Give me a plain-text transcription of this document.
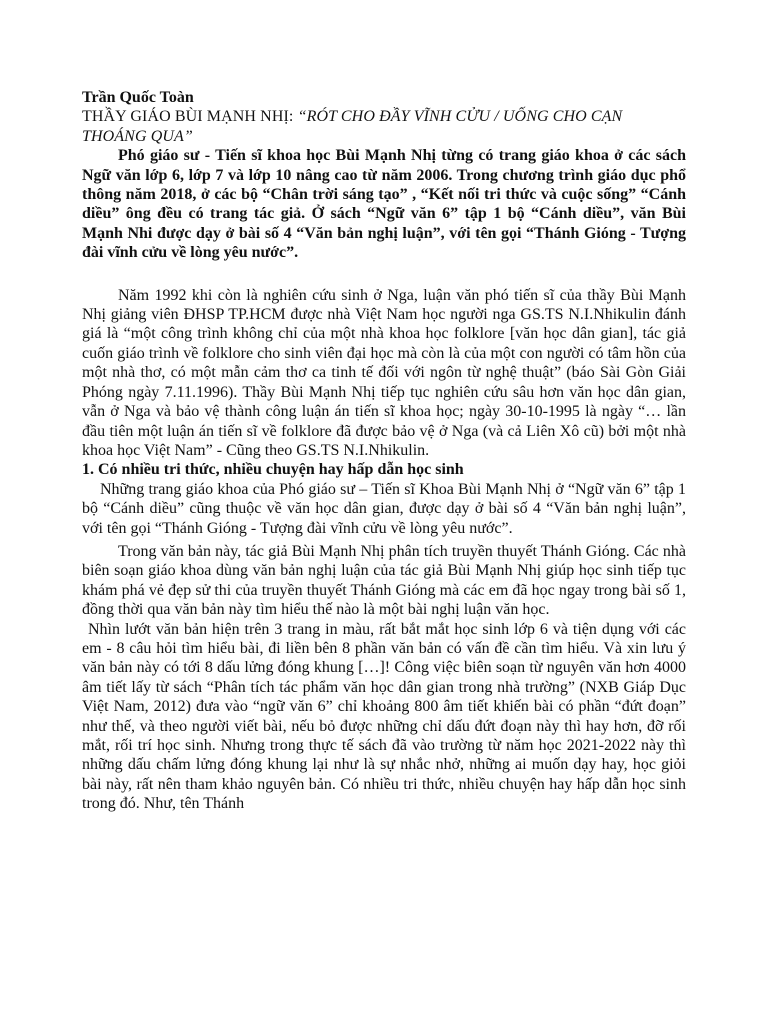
Trần Quốc Toàn

THẦY GIÁO BÙI MẠNH NHỊ: “RÓT CHO ĐẦY VĨNH CỬU / UỐNG CHO CẠN THOÁNG QUA”

Phó giáo sư - Tiến sĩ khoa học Bùi Mạnh Nhị từng có trang giáo khoa ở các sách Ngữ văn lớp 6, lớp 7 và lớp 10 nâng cao từ năm 2006. Trong chương trình giáo dục phổ thông năm 2018, ở các bộ “Chân trời sáng tạo” , “Kết nối tri thức và cuộc sống” “Cánh diều” ông đều có trang tác giả. Ở sách “Ngữ văn 6” tập 1 bộ “Cánh diều”, văn Bùi Mạnh Nhi được dạy ở bài số 4 “Văn bản nghị luận”, với tên gọi “Thánh Gióng - Tượng đài vĩnh cửu về lòng yêu nước”.

Năm 1992 khi còn là nghiên cứu sinh ở Nga, luận văn phó tiến sĩ của thầy Bùi Mạnh Nhị giảng viên ĐHSP TP.HCM được nhà Việt Nam học người nga GS.TS N.I.Nhikulin đánh giá là “một công trình không chỉ của một nhà khoa học folklore [văn học dân gian], tác giả cuốn giáo trình về folklore cho sinh viên đại học mà còn là của một con người có tâm hồn của một nhà thơ, có một mẫn cảm thơ ca tinh tế đối với ngôn từ nghệ thuật” (báo Sài Gòn Giải Phóng ngày 7.11.1996). Thầy Bùi Mạnh Nhị tiếp tục nghiên cứu sâu hơn văn học dân gian, vẫn ở Nga và bảo vệ thành công luận án tiến sĩ khoa học; ngày 30-10-1995 là ngày “… lần đầu tiên một luận án tiến sĩ về folklore đã được bảo vệ ở Nga (và cả Liên Xô cũ) bởi một nhà khoa học Việt Nam” - Cũng theo GS.TS N.I.Nhikulin.

1. Có nhiều tri thức, nhiều chuyện hay hấp dẫn học sinh

Những trang giáo khoa của Phó giáo sư – Tiến sĩ Khoa Bùi Mạnh Nhị ở “Ngữ văn 6” tập 1 bộ “Cánh diều” cũng thuộc về văn học dân gian, được dạy ở bài số 4 “Văn bản nghị luận”, với tên gọi “Thánh Gióng - Tượng đài vĩnh cửu về lòng yêu nước”.

Trong văn bản này, tác giả Bùi Mạnh Nhị phân tích truyền thuyết Thánh Gióng. Các nhà biên soạn giáo khoa dùng văn bản nghị luận của tác giả Bùi Mạnh Nhị giúp học sinh tiếp tục khám phá vẻ đẹp sử thi của truyền thuyết Thánh Gióng mà các em đã học ngay trong bài số 1, đồng thời qua văn bản này tìm hiểu thế nào là một bài nghị luận văn học.

Nhìn lướt văn bản hiện trên 3 trang in màu, rất bắt mắt học sinh lớp 6 và tiện dụng với các em - 8 câu hỏi tìm hiểu bài, đi liền bên 8 phần văn bản có vấn đề cần tìm hiểu. Và xin lưu ý văn bản này có tới 8 dấu lửng đóng khung […]! Công việc biên soạn từ nguyên văn hơn 4000 âm tiết lấy từ sách “Phân tích tác phẩm văn học dân gian trong nhà trường” (NXB Giáp Dục Việt Nam, 2012) đưa vào “ngữ văn 6” chỉ khoảng 800 âm tiết khiến bài có phần “đứt đoạn” như thế, và theo người viết bài, nếu bỏ được những chỉ dấu đứt đoạn này thì hay hơn, đỡ rối mắt, rối trí học sinh. Nhưng trong thực tế sách đã vào trường từ năm học 2021-2022 này thì những dấu chấm lửng đóng khung lại như là sự nhắc nhở, những ai muốn dạy hay, học giỏi bài này, rất nên tham khảo nguyên bản. Có nhiều tri thức, nhiều chuyện hay hấp dẫn học sinh trong đó. Như, tên Thánh
